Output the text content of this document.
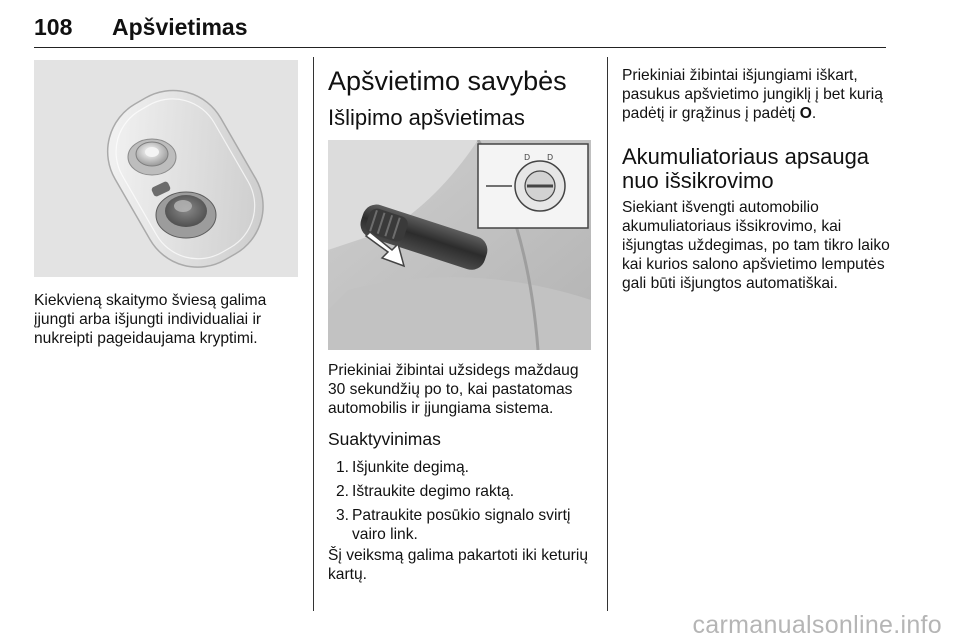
108 Apšvietimas

Kiekvieną skaitymo šviesą galima įjungti arba išjungti individualiai ir nukreipti pageidaujama kryptimi.

Apšvietimo savybės
Išlipimo apšvietimas
D D

Priekiniai žibintai užsidegs maždaug 30 sekundžių po to, kai pastatomas automobilis ir įjungiama sistema.

Suaktyvinimas
1. Išjunkite degimą.
2. Ištraukite degimo raktą.
3. Patraukite posūkio signalo svirtį vairo link.

Šį veiksmą galima pakartoti iki keturių kartų.

Priekiniai žibintai išjungiami iškart, pasukus apšvietimo jungiklį į bet kurią padėtį ir grąžinus į padėtį O.

Akumuliatoriaus apsauga nuo išsikrovimo

Siekiant išvengti automobilio akumuliatoriaus išsikrovimo, kai išjungtas uždegimas, po tam tikro laiko kai kurios salono apšvietimo lemputės gali būti išjungtos automatiškai.

carmanualsonline.info
